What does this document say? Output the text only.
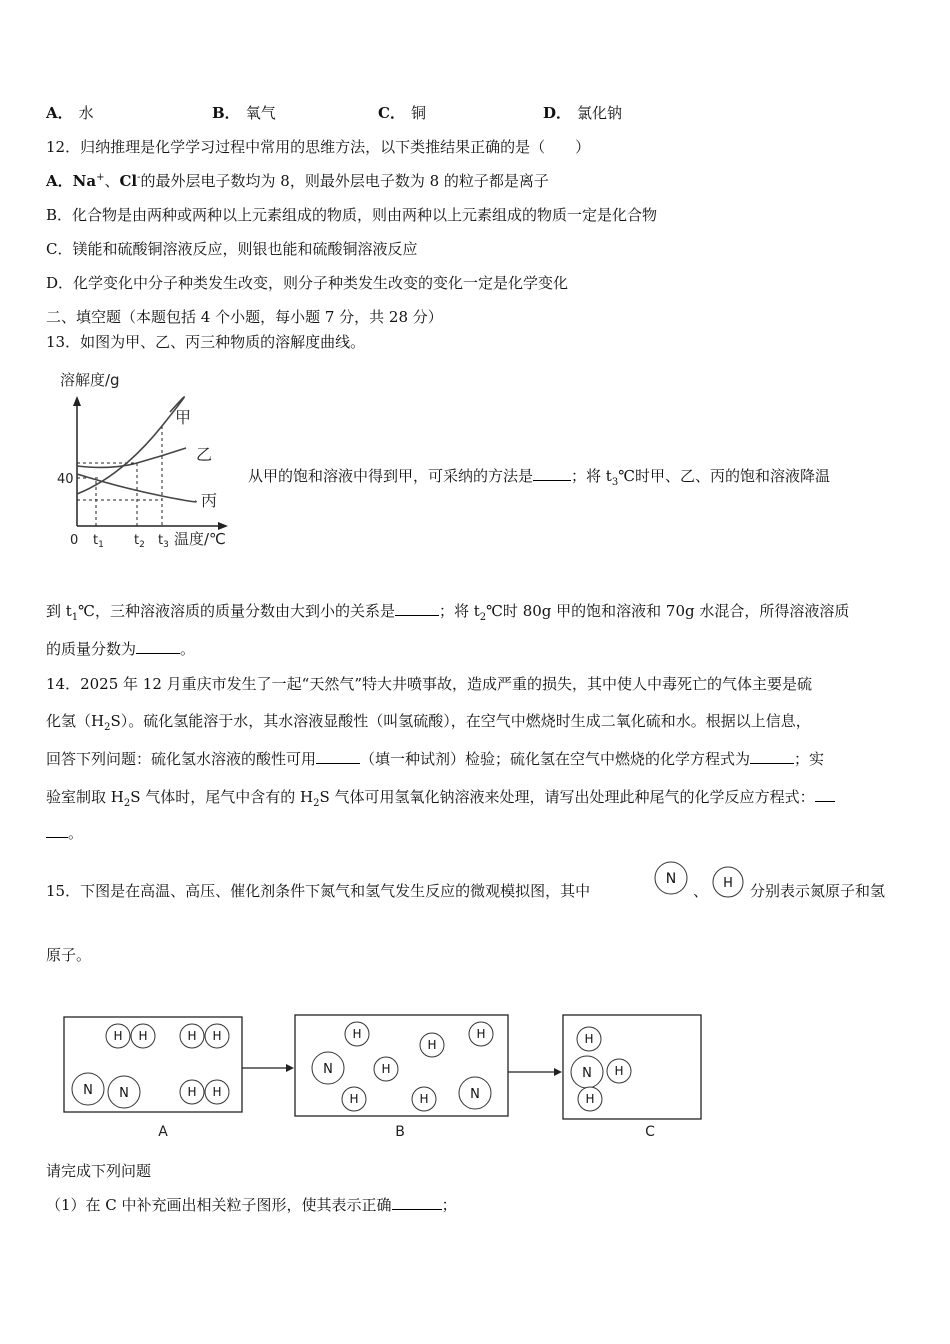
A． 水	B． 氧气	C． 铜	D． 氯化钠
12．归纳推理是化学学习过程中常用的思维方法，以下类推结果正确的是（　　）
A．Na+、Cl-的最外层电子数均为 8，则最外层电子数为 8 的粒子都是离子
B．化合物是由两种或两种以上元素组成的物质，则由两种以上元素组成的物质一定是化合物
C．镁能和硫酸铜溶液反应，则银也能和硫酸铜溶液反应
D．化学变化中分子种类发生改变，则分子种类发生改变的变化一定是化学变化
二、填空题（本题包括 4 个小题，每小题 7 分，共 28 分）
13．如图为甲、乙、丙三种物质的溶解度曲线。
溶解度/g
40
0 $t_1$ $t_2$ $t_3$ 温度/℃
甲
乙
丙
从甲的饱和溶液中得到甲，可采纳的方法是	；将 $t_3℃$时甲、乙、丙的饱和溶液降温
到 $t_1℃$，三种溶液溶质的质量分数由大到小的关系是	；将 $t_2℃$时 80g 甲的饱和溶液和 70g 水混合，所得溶液溶质
的质量分数为	。
14．2025 年 12 月重庆市发生了一起“天然气”特大井喷事故，造成严重的损失，其中使人中毒死亡的气体主要是硫
化氢$(H_2S)$。硫化氢能溶于水，其水溶液显酸性（叫氢硫酸），在空气中燃烧时生成二氧化硫和水。根据以上信息，
回答下列问题：硫化氢水溶液的酸性可用	（填一种试剂）检验；硫化氢在空气中燃烧的化学方程式为	；实
验室制取 $H_2S$ 气体时，尾气中含有的 $H_2S$ 气体可用氢氧化钠溶液来处理，请写出处理此种尾气的化学反应方程式：
。
15．下图是在高温、高压、催化剂条件下氮气和氢气发生反应的微观模拟图，其中
N
、 H 分别表示氮原子和氢
原子。
H H	H H
N N	H H
H
H
H
N	H
N
H	H
N
H
H
H
A	B	C
请完成下列问题
（1）在 C 中补充画出相关粒子图形，使其表示正确	；
